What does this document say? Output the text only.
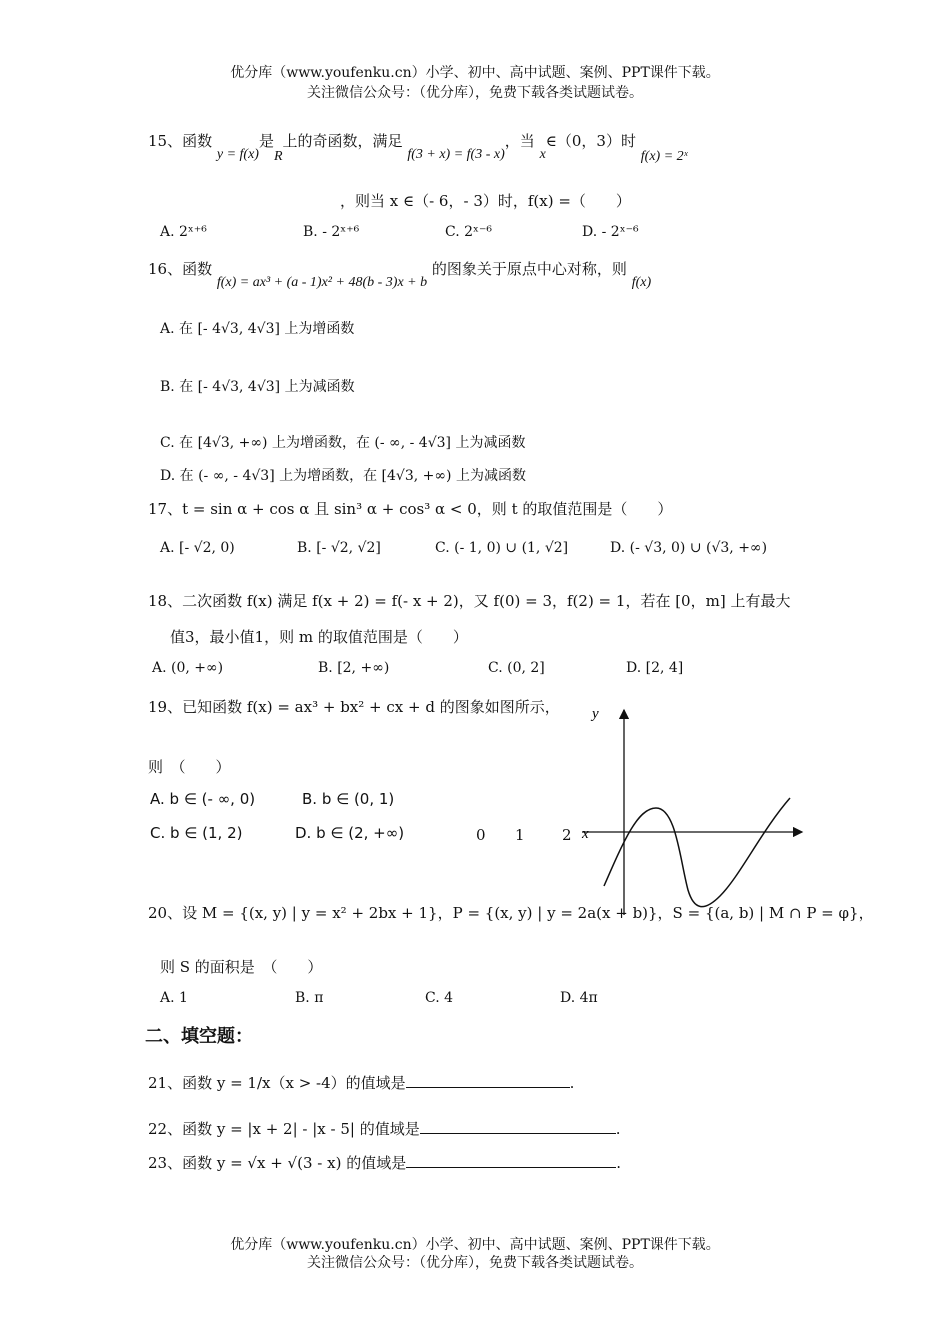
优分库（www.youfenku.cn）小学、初中、高中试题、案例、PPT课件下载。
关注微信公众号：（优分库），免费下载各类试题试卷。
15、函数 y = f(x)是R上的奇函数，满足 f(3 + x) = f(3 - x)，当 x∈（0，3）时 f(x) = 2ˣ
，则当 x ∈（- 6，- 3）时，f(x) =（　　）
A. 2ˣ⁺⁶	B. - 2ˣ⁺⁶	C. 2ˣ⁻⁶	D. - 2ˣ⁻⁶
16、函数 f(x) = ax³ + (a - 1)x² + 48(b - 3)x + b 的图象关于原点中心对称，则 f(x)
A. 在 [- 4√3, 4√3] 上为增函数
B. 在 [- 4√3, 4√3] 上为减函数
C. 在 [4√3, +∞) 上为增函数，在 (- ∞, - 4√3] 上为减函数
D. 在 (- ∞, - 4√3] 上为增函数，在 [4√3, +∞) 上为减函数
17、t = sin α + cos α 且 sin³ α + cos³ α < 0，则 t 的取值范围是（　　）
A. [- √2, 0)	B. [- √2, √2]	C. (- 1, 0) ∪ (1, √2]	D. (- √3, 0) ∪ (√3, +∞)
18、二次函数 f(x) 满足 f(x + 2) = f(- x + 2)，又 f(0) = 3，f(2) = 1，若在 [0，m] 上有最大
值3，最小值1，则 m 的取值范围是（　　）
A. (0, +∞)	B. [2, +∞)	C. (0, 2]	D. [2, 4]
19、已知函数 f(x) = ax³ + bx² + cx + d 的图象如图所示，
则　（　　）
A. b ∈ (- ∞, 0)	B. b ∈ (0, 1)
C. b ∈ (1, 2)	D. b ∈ (2, +∞)	0 1 2
y
x
20、设 M = {(x, y) | y = x² + 2bx + 1}，P = {(x, y) | y = 2a(x + b)}，S = {(a, b) | M ∩ P = φ}，
则 S 的面积是　（　　）
A. 1	B. π	C. 4	D. 4π
二、填空题：
21、函数 y = 1/x（x > -4）的值域是	.
22、函数 y = |x + 2| - |x - 5| 的值域是	.
23、函数 y = √x + √(3 - x) 的值域是	.
优分库（www.youfenku.cn）小学、初中、高中试题、案例、PPT课件下载。
关注微信公众号：（优分库），免费下载各类试题试卷。
